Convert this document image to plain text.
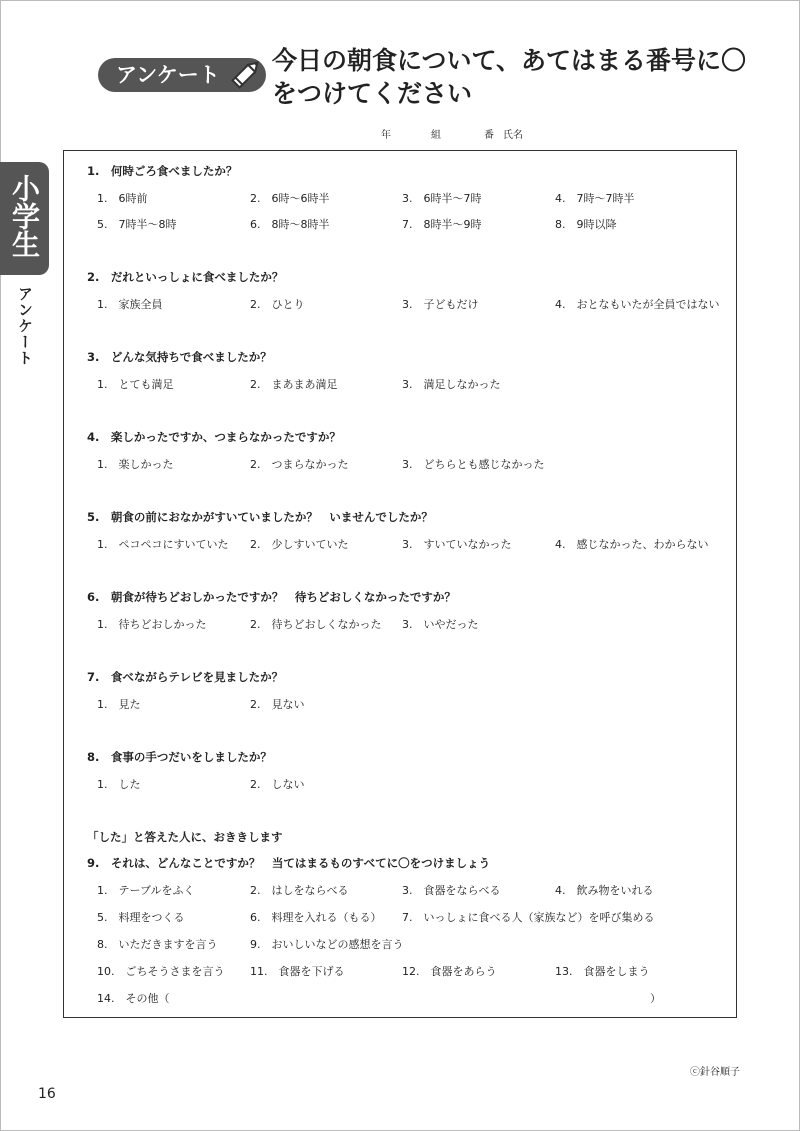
アンケート	今日の朝食について、あてはまる番号に〇をつけてください
年	組	番 氏名
小学生
アンケート
1.　何時ごろ食べましたか？
1.　6時前	2.　6時～6時半	3.　6時半～7時	4.　7時～7時半
5.　7時半～8時	6.　8時～8時半	7.　8時半～9時	8.　9時以降
2.　だれといっしょに食べましたか？
1.　家族全員	2.　ひとり	3.　子どもだけ	4.　おとなもいたが全員ではない
3.　どんな気持ちで食べましたか？
1.　とても満足	2.　まあまあ満足	3.　満足しなかった
4.　楽しかったですか、つまらなかったですか？
1.　楽しかった	2.　つまらなかった	3.　どちらとも感じなかった
5.　朝食の前におなかがすいていましたか？　いませんでしたか？
1.　ペコペコにすいていた 2.　少しすいていた	3.　すいていなかった	4.　感じなかった、わからない
6.　朝食が待ちどおしかったですか？　待ちどおしくなかったですか？
1.　待ちどおしかった	2.　待ちどおしくなかった 3.　いやだった
7.　食べながらテレビを見ましたか？
1.　見た	2.　見ない
8.　食事の手つだいをしましたか？
1.　した	2.　しない
「した」と答えた人に、おききします
9.　それは、どんなことですか？　当てはまるものすべてに〇をつけましょう
1.　テーブルをふく	2.　はしをならべる	3.　食器をならべる	4.　飲み物をいれる
5.　料理をつくる	6.　料理を入れる（もる） 7.　いっしょに食べる人（家族など）を呼び集める
8.　いただきますを言う	9.　おいしいなどの感想を言う
10.　ごちそうさまを言う 11.　食器を下げる	12.　食器をあらう	13.　食器をしまう
14.　その他（	）
ⓒ針谷順子
16
